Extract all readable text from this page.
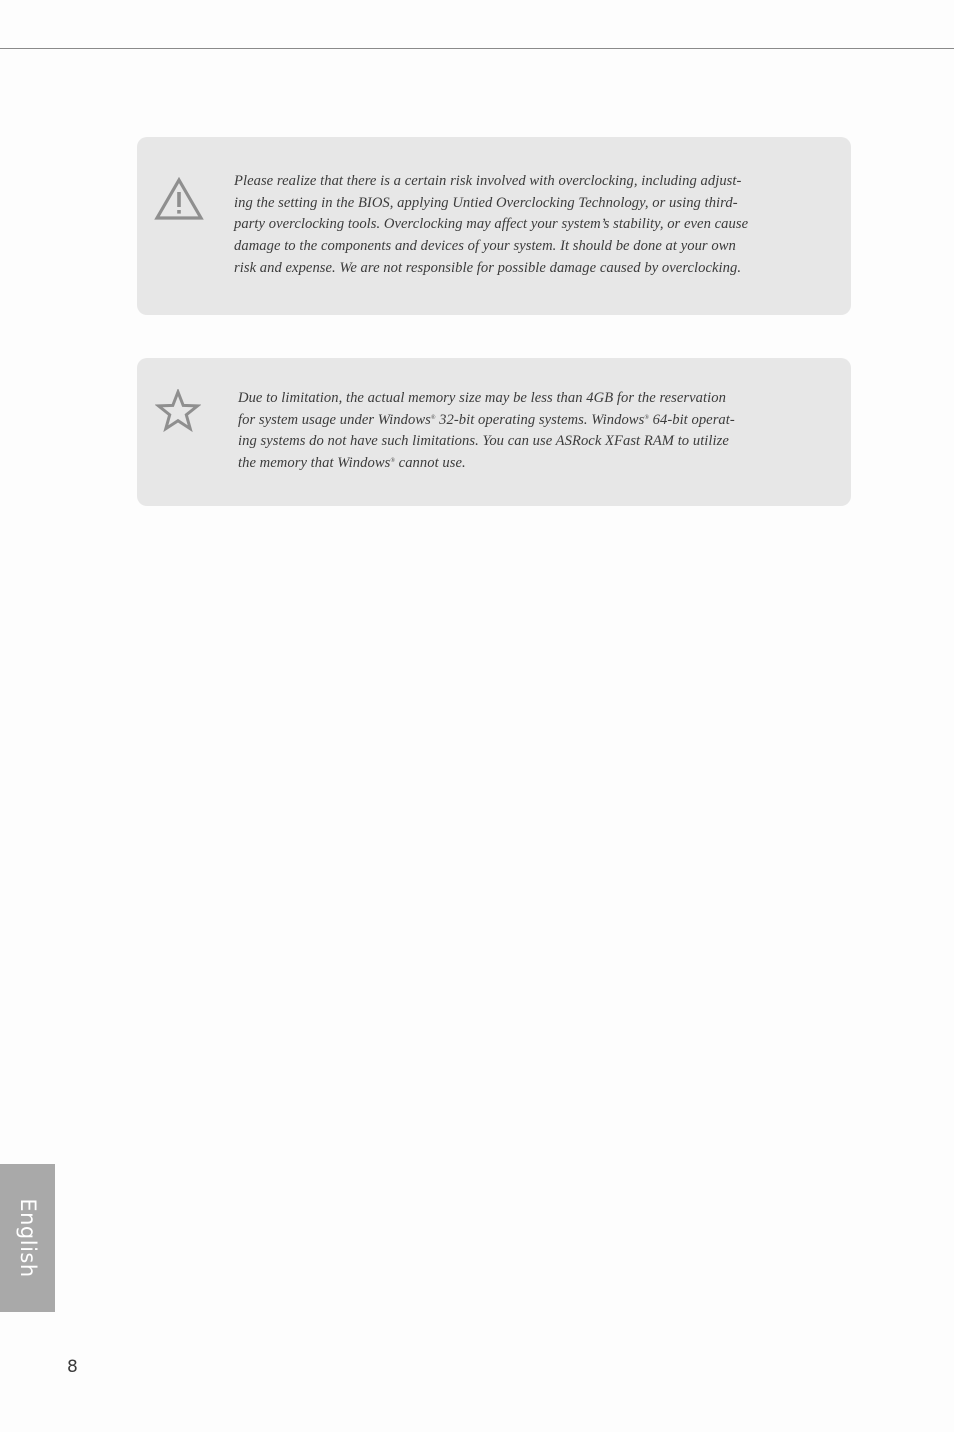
Please realize that there is a certain risk involved with overclocking, including adjust-
ing the setting in the BIOS, applying Untied Overclocking Technology, or using third-
party overclocking tools. Overclocking may affect your system’s stability, or even cause
damage to the components and devices of your system. It should be done at your own
risk and expense. We are not responsible for possible damage caused by overclocking.

Due to limitation, the actual memory size may be less than 4GB for the reservation
for system usage under Windows® 32-bit operating systems. Windows® 64-bit operat-
ing systems do not have such limitations. You can use ASRock XFast RAM to utilize
the memory that Windows® cannot use.

English
8
